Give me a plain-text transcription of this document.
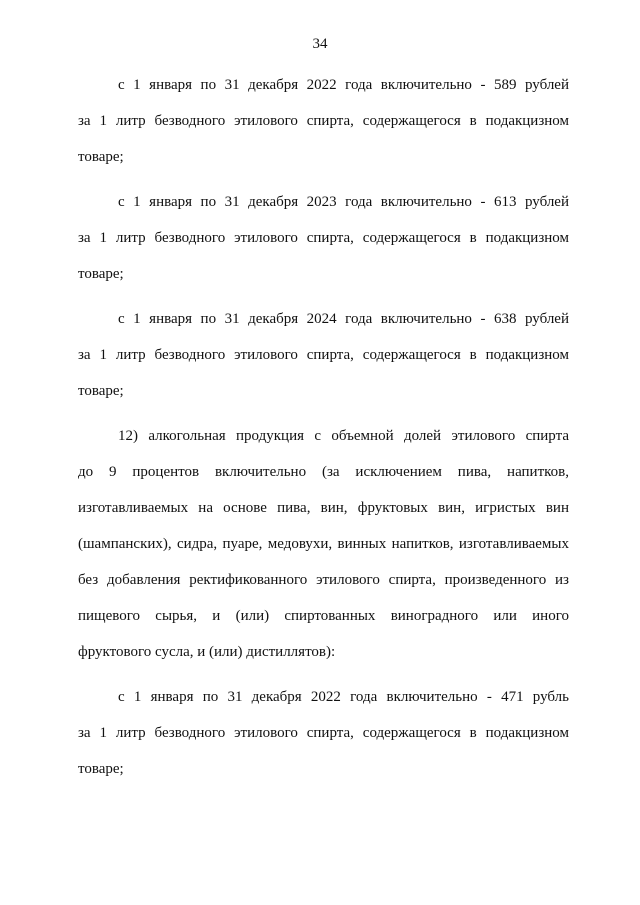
34
с 1 января по 31 декабря 2022 года включительно - 589 рублей
за 1 литр безводного этилового спирта, содержащегося в подакцизном
товаре;
с 1 января по 31 декабря 2023 года включительно - 613 рублей
за 1 литр безводного этилового спирта, содержащегося в подакцизном
товаре;
с 1 января по 31 декабря 2024 года включительно - 638 рублей
за 1 литр безводного этилового спирта, содержащегося в подакцизном
товаре;
12) алкогольная продукция с объемной долей этилового спирта
до 9 процентов включительно (за исключением пива, напитков,
изготавливаемых на основе пива, вин, фруктовых вин, игристых вин
(шампанских), сидра, пуаре, медовухи, винных напитков, изготавливаемых
без добавления ректификованного этилового спирта, произведенного из
пищевого сырья, и (или) спиртованных виноградного или иного
фруктового сусла, и (или) дистиллятов):
с 1 января по 31 декабря 2022 года включительно - 471 рубль
за 1 литр безводного этилового спирта, содержащегося в подакцизном
товаре;
